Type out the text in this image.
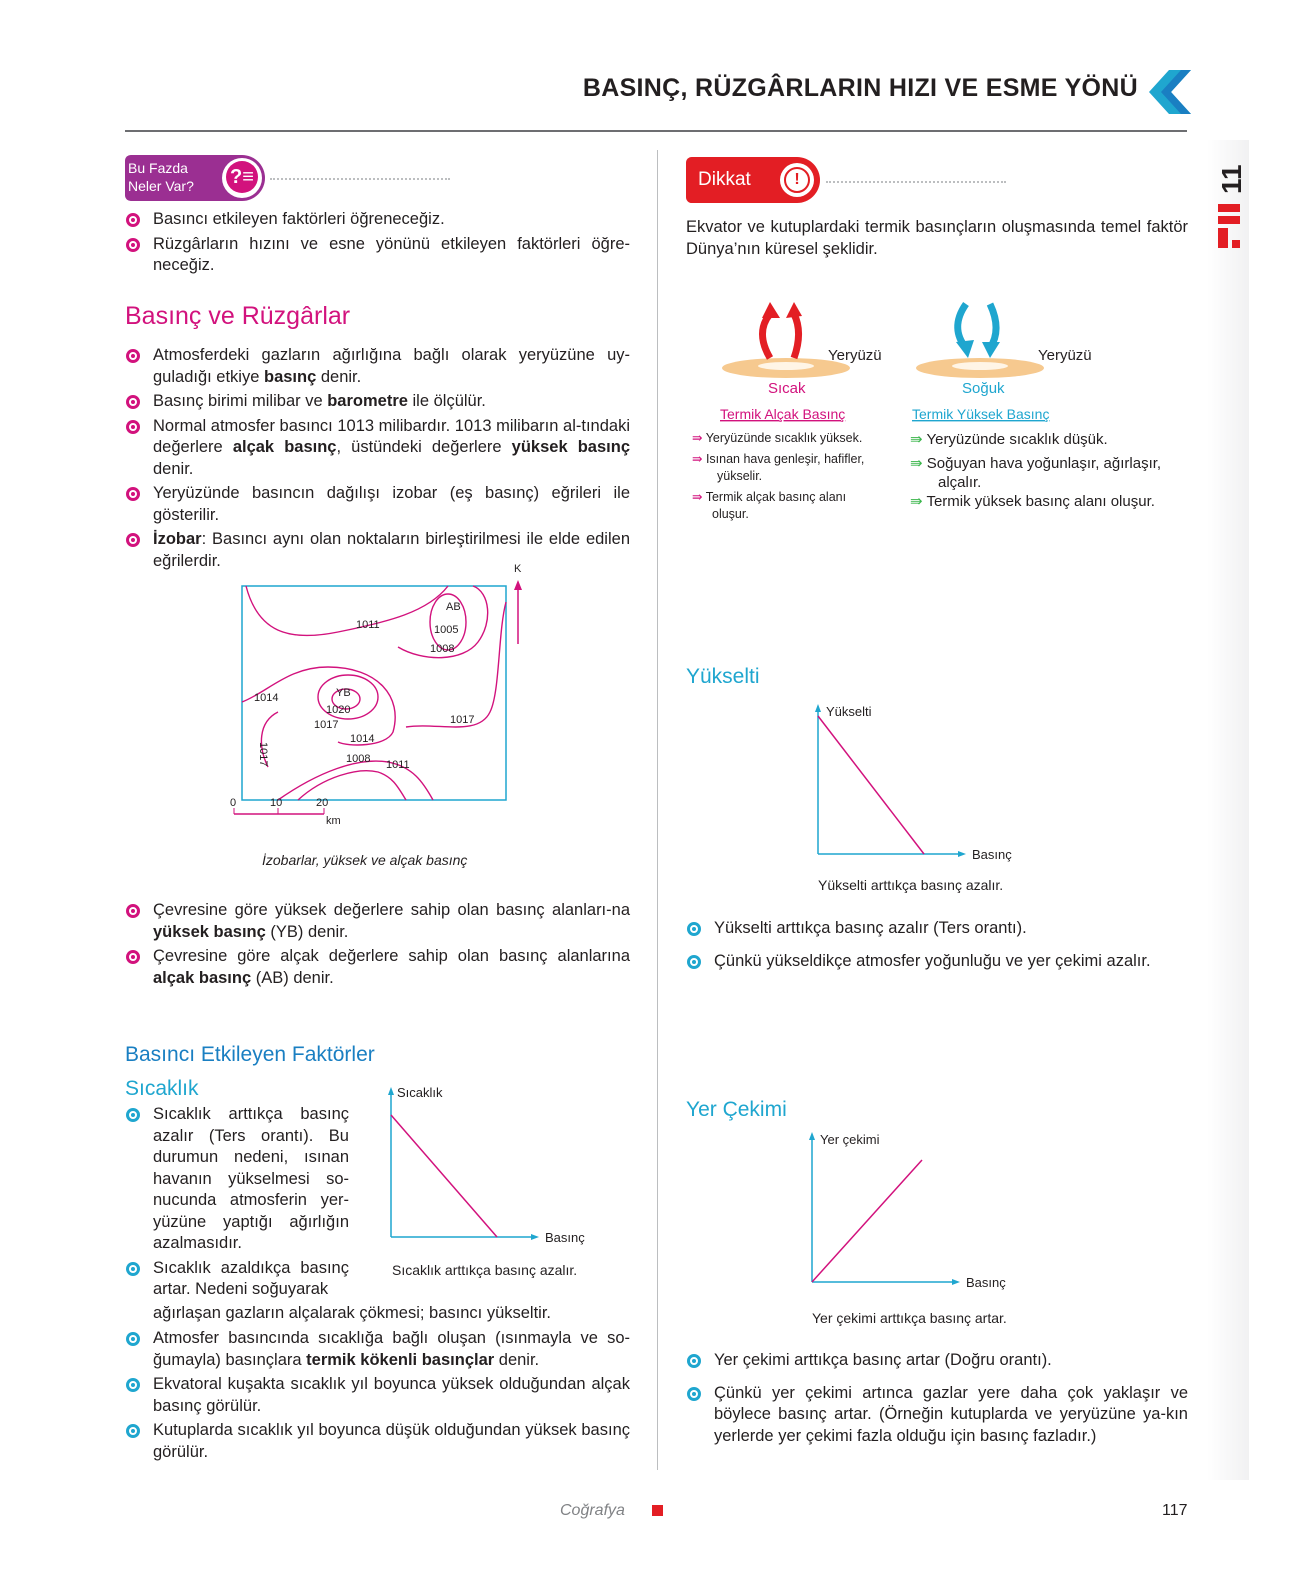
BASINÇ, RÜZGÂRLARIN HIZI VE ESME YÖNÜ
11
Bu Fazda
Neler Var? ?≡
Basıncı etkileyen faktörleri öğreneceğiz.
Rüzgârların hızını ve esne yönünü etkileyen faktörleri öğre-neceğiz.
Basınç ve Rüzgârlar
Atmosferdeki gazların ağırlığına bağlı olarak yeryüzüne uy-guladığı etkiye basınç denir.
Basınç birimi milibar ve barometre ile ölçülür.
Normal atmosfer basıncı 1013 milibardır. 1013 milibarın al-tındaki değerlere alçak basınç, üstündeki değerlere yüksek basınç denir.
Yeryüzünde basıncın dağılışı izobar (eş basınç) eğrileri ile gösterilir.
İzobar: Basıncı aynı olan noktaların birleştirilmesi ile elde edilen eğrilerdir.	K
AB
1011	1005
1008
1014	YB
1020
1017	1017
1014
1008 1011
1017
0	10	20
km
İzobarlar, yüksek ve alçak basınç
Çevresine göre yüksek değerlere sahip olan basınç alanları-na yüksek basınç (YB) denir.
Çevresine göre alçak değerlere sahip olan basınç alanlarına alçak basınç (AB) denir.
Basıncı Etkileyen Faktörler
Sıcaklık
Sıcaklık arttıkça basınç azalır (Ters orantı). Bu durumun nedeni, ısınan havanın yükselmesi so-nucunda atmosferin yer-yüzüne yaptığı ağırlığın azalmasıdır.
Sıcaklık azaldıkça basınç artar. Nedeni soğuyarak
ağırlaşan gazların alçalarak çökmesi; basıncı yükseltir.
Atmosfer basıncında sıcaklığa bağlı oluşan (ısınmayla ve so-ğumayla) basınçlara termik kökenli basınçlar denir.
Ekvatoral kuşakta sıcaklık yıl boyunca yüksek olduğundan alçak basınç görülür.
Kutuplarda sıcaklık yıl boyunca düşük olduğundan yüksek basınç görülür.
Sıcaklık
Basınç
Sıcaklık arttıkça basınç azalır.
Dikkat	!
Ekvator ve kutuplardaki termik basınçların oluşmasında temel faktör Dünya’nın küresel şeklidir.
Yeryüzü
Sıcak
Termik Alçak Basınç
Yeryüzü
Soğuk
Termik Yüksek Basınç
⇛ Yeryüzünde sıcaklık yüksek.
⇛ Isınan hava genleşir, hafifler,
yükselir.
⇛ Termik alçak basınç alanı
oluşur.
⇛ Yeryüzünde sıcaklık düşük.
⇛ Soğuyan hava yoğunlaşır, ağırlaşır,
alçalır.
⇛ Termik yüksek basınç alanı oluşur.
Yükselti
Yükselti
Basınç
Yükselti arttıkça basınç azalır.
Yükselti arttıkça basınç azalır (Ters orantı).
Çünkü yükseldikçe atmosfer yoğunluğu ve yer çekimi azalır.
Yer Çekimi
Yer çekimi
Basınç
Yer çekimi arttıkça basınç artar.
Yer çekimi arttıkça basınç artar (Doğru orantı).
Çünkü yer çekimi artınca gazlar yere daha çok yaklaşır ve böylece basınç artar. (Örneğin kutuplarda ve yeryüzüne ya-kın yerlerde yer çekimi fazla olduğu için basınç fazladır.)
Coğrafya	117
